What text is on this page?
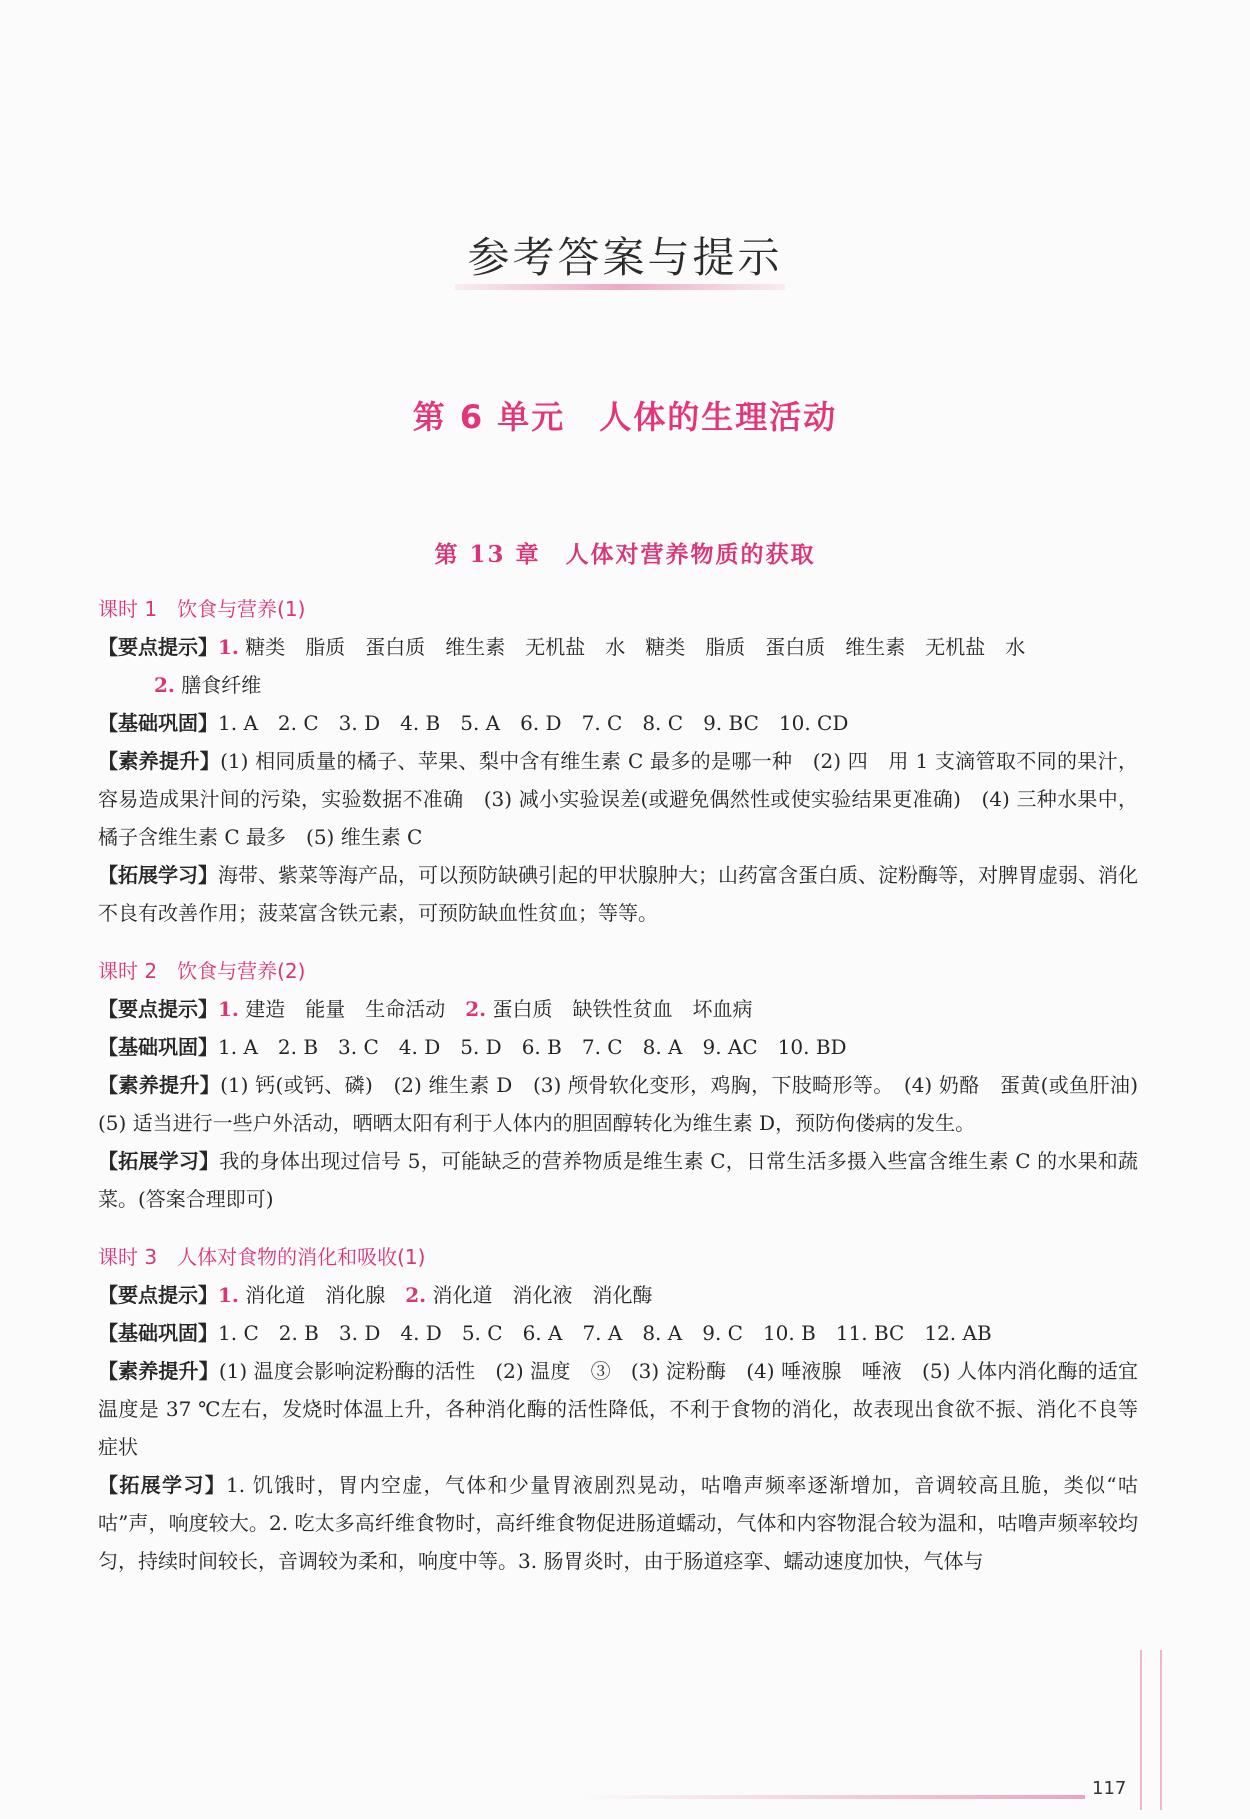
参考答案与提示
第 6 单元　人体的生理活动
第 13 章　人体对营养物质的获取

课时 1　饮食与营养(1)

【要点提示】1. 糖类　脂质　蛋白质　维生素　无机盐　水　糖类　脂质　蛋白质　维生素　无机盐　水

2. 膳食纤维

【基础巩固】1. A　2. C　3. D　4. B　5. A　6. D　7. C　8. C　9. BC　10. CD

【素养提升】(1) 相同质量的橘子、苹果、梨中含有维生素 C 最多的是哪一种　(2) 四　用 1 支滴管取不同的果汁，容易造成果汁间的污染，实验数据不准确　(3) 减小实验误差(或避免偶然性或使实验结果更准确)　(4) 三种水果中，橘子含维生素 C 最多　(5) 维生素 C

【拓展学习】海带、紫菜等海产品，可以预防缺碘引起的甲状腺肿大；山药富含蛋白质、淀粉酶等，对脾胃虚弱、消化不良有改善作用；菠菜富含铁元素，可预防缺血性贫血；等等。

课时 2　饮食与营养(2)

【要点提示】1. 建造　能量　生命活动　 2. 蛋白质　缺铁性贫血　坏血病

【基础巩固】1. A　2. B　3. C　4. D　5. D　6. B　7. C　8. A　9. AC　10. BD

【素养提升】(1) 钙(或钙、磷)　(2) 维生素 D　(3) 颅骨软化变形，鸡胸，下肢畸形等。　(4) 奶酪　蛋黄(或鱼肝油)　(5) 适当进行一些户外活动，晒晒太阳有利于人体内的胆固醇转化为维生素 D，预防佝偻病的发生。

【拓展学习】我的身体出现过信号 5，可能缺乏的营养物质是维生素 C，日常生活多摄入些富含维生素 C 的水果和蔬菜。(答案合理即可)

课时 3　人体对食物的消化和吸收(1)

【要点提示】1. 消化道　消化腺　 2. 消化道　消化液　消化酶

【基础巩固】1. C　2. B　3. D　4. D　5. C　6. A　7. A　8. A　9. C　10. B　11. BC　12. AB

【素养提升】(1) 温度会影响淀粉酶的活性　(2) 温度　③　(3) 淀粉酶　(4) 唾液腺　唾液　(5) 人体内消化酶的适宜温度是 37 ℃左右，发烧时体温上升，各种消化酶的活性降低，不利于食物的消化，故表现出食欲不振、消化不良等症状

【拓展学习】1. 饥饿时，胃内空虚，气体和少量胃液剧烈晃动，咕噜声频率逐渐增加，音调较高且脆，类似“咕咕”声，响度较大。2. 吃太多高纤维食物时，高纤维食物促进肠道蠕动，气体和内容物混合较为温和，咕噜声频率较均匀，持续时间较长，音调较为柔和，响度中等。3. 肠胃炎时，由于肠道痉挛、蠕动速度加快，气体与

117
